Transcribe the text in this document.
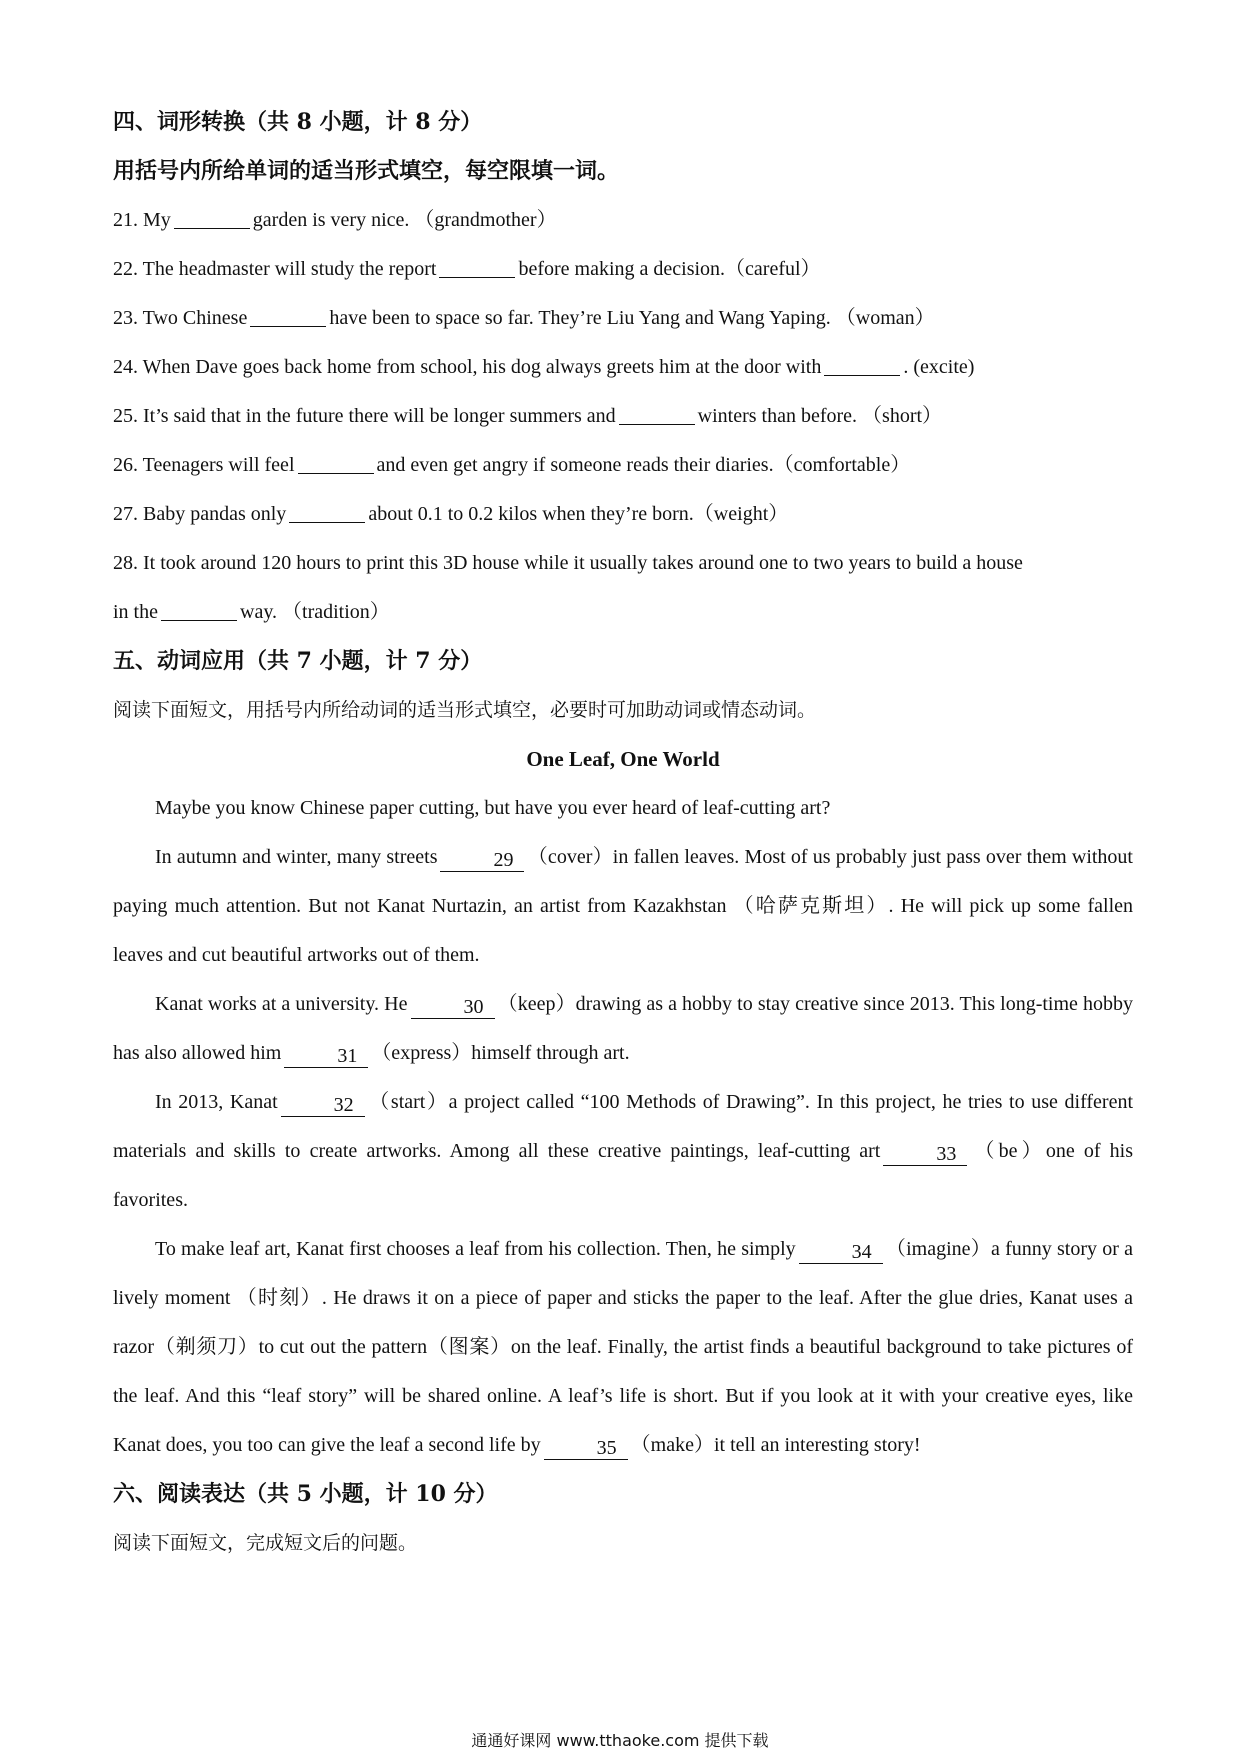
四、词形转换（共 8 小题，计 8 分）

用括号内所给单词的适当形式填空，每空限填一词。

21. My	garden is very nice. （grandmother）

22. The headmaster will study the report	before making a decision.（careful）

23. Two Chinese	have been to space so far. They’re Liu Yang and Wang Yaping. （woman）

24. When Dave goes back home from school, his dog always greets him at the door with	. (excite)

25. It’s said that in the future there will be longer summers and	winters than before. （short）

26. Teenagers will feel	and even get angry if someone reads their diaries.（comfortable）

27. Baby pandas only	about 0.1 to 0.2 kilos when they’re born.（weight）

28. It took around 120 hours to print this 3D house while it usually takes around one to two years to build a house

in the	way. （tradition）

五、动词应用（共 7 小题，计 7 分）

阅读下面短文，用括号内所给动词的适当形式填空，必要时可加助动词或情态动词。

One Leaf, One World

Maybe you know Chinese paper cutting, but have you ever heard of leaf-cutting art?

In autumn and winter, many streets	29 （cover）in fallen leaves. Most of us probably just pass over them without paying much attention. But not Kanat Nurtazin, an artist from Kazakhstan （哈萨克斯坦）. He will pick up some fallen leaves and cut beautiful artworks out of them.

Kanat works at a university. He	30 （keep）drawing as a hobby to stay creative since 2013. This long-time hobby has also allowed him	31 （express）himself through art.

In 2013, Kanat	32 （start）a project called “100 Methods of Drawing”. In this project, he tries to use different materials and skills to create artworks. Among all these creative paintings, leaf-cutting art	33 （be）one of his favorites.

To make leaf art, Kanat first chooses a leaf from his collection. Then, he simply	34 （imagine）a funny story or a lively moment （时刻）. He draws it on a piece of paper and sticks the paper to the leaf. After the glue dries, Kanat uses a razor（剃须刀）to cut out the pattern（图案）on the leaf. Finally, the artist finds a beautiful background to take pictures of the leaf. And this “leaf story” will be shared online. A leaf’s life is short. But if you look at it with your creative eyes, like Kanat does, you too can give the leaf a second life by	35 （make）it tell an interesting story!

六、阅读表达（共 5 小题，计 10 分）

阅读下面短文，完成短文后的问题。

通通好课网 www.tthaoke.com 提供下载
